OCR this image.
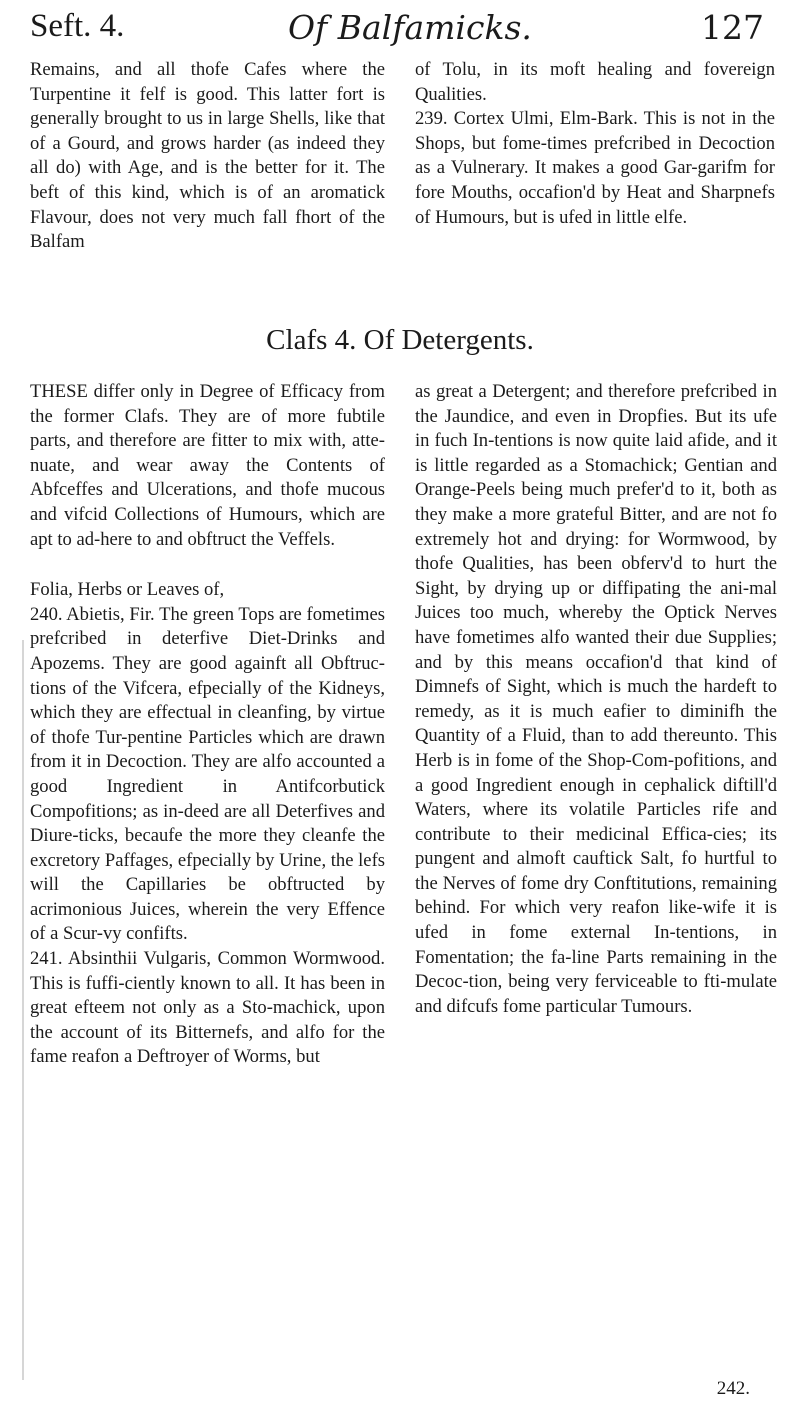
Seft. 4.	Of Balfamicks.	127

Remains, and all thofe Cafes where the Turpentine it felf is good. This latter fort is generally brought to us in large Shells, like that of a Gourd, and grows harder (as indeed they all do) with Age, and is the better for it. The beft of this kind, which is of an aromatick Flavour, does not very much fall fhort of the Balfam

of Tolu, in its moft healing and fovereign Qualities.

239. Cortex Ulmi, Elm-Bark. This is not in the Shops, but fome-times prefcribed in Decoction as a Vulnerary. It makes a good Gar-garifm for fore Mouths, occafion'd by Heat and Sharpnefs of Humours, but is ufed in little elfe.

Clafs 4. Of Detergents.

THESE differ only in Degree of Efficacy from the former Clafs. They are of more fubtile parts, and therefore are fitter to mix with, atte-nuate, and wear away the Contents of Abfceffes and Ulcerations, and thofe mucous and vifcid Collections of Humours, which are apt to ad-here to and obftruct the Veffels.

Folia, Herbs or Leaves of,

240. Abietis, Fir. The green Tops are fometimes prefcribed in deterfive Diet-Drinks and Apozems. They are good againft all Obftruc-tions of the Vifcera, efpecially of the Kidneys, which they are effectual in cleanfing, by virtue of thofe Tur-pentine Particles which are drawn from it in Decoction. They are alfo accounted a good Ingredient in Antifcorbutick Compofitions; as in-deed are all Deterfives and Diure-ticks, becaufe the more they cleanfe the excretory Paffages, efpecially by Urine, the lefs will the Capillaries be obftructed by acrimonious Juices, wherein the very Effence of a Scur-vy confifts.

241. Absinthii Vulgaris, Common Wormwood. This is fuffi-ciently known to all. It has been in great efteem not only as a Sto-machick, upon the account of its Bitternefs, and alfo for the fame reafon a Deftroyer of Worms, but

as great a Detergent; and therefore prefcribed in the Jaundice, and even in Dropfies. But its ufe in fuch In-tentions is now quite laid afide, and it is little regarded as a Stomachick; Gentian and Orange-Peels being much prefer'd to it, both as they make a more grateful Bitter, and are not fo extremely hot and drying: for Wormwood, by thofe Qualities, has been obferv'd to hurt the Sight, by drying up or diffipating the ani-mal Juices too much, whereby the Optick Nerves have fometimes alfo wanted their due Supplies; and by this means occafion'd that kind of Dimnefs of Sight, which is much the hardeft to remedy, as it is much eafier to diminifh the Quantity of a Fluid, than to add thereunto. This Herb is in fome of the Shop-Com-pofitions, and a good Ingredient enough in cephalick diftill'd Waters, where its volatile Particles rife and contribute to their medicinal Effica-cies; its pungent and almoft cauftick Salt, fo hurtful to the Nerves of fome dry Conftitutions, remaining behind. For which very reafon like-wife it is ufed in fome external In-tentions, in Fomentation; the fa-line Parts remaining in the Decoc-tion, being very ferviceable to fti-mulate and difcufs fome particular Tumours.

242.
